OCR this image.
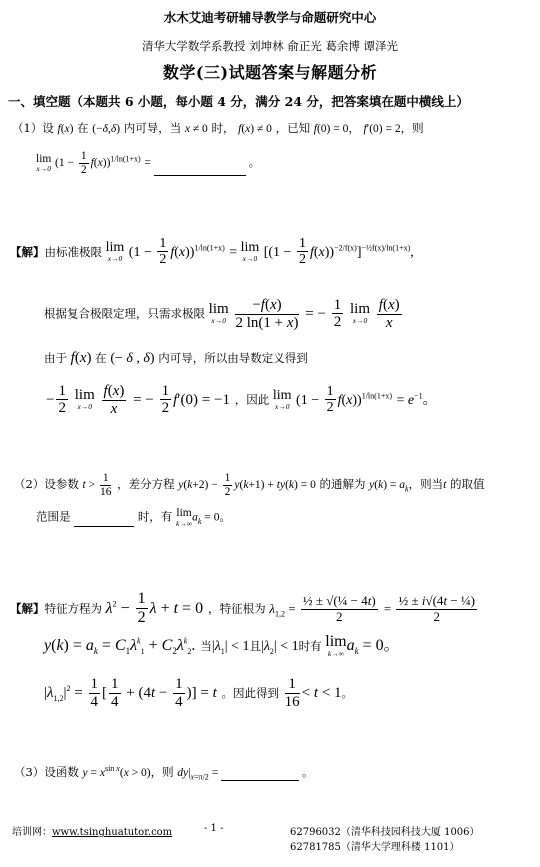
水木艾迪考研辅导教学与命题研究中心
清华大学数学系教授 刘坤林 俞正光 葛余博 谭泽光
数学(三)试题答案与解题分析
一、填空题（本题共 6 小题，每小题 4 分，满分 24 分，把答案填在题中横线上）
（1）设 f(x) 在 (−δ,δ) 内可导，当 x ≠ 0 时， f(x) ≠ 0 ，已知 f(0) = 0， f′(0) = 2，则
lim
x→0 $(1 - \frac{1}{2} f(x))^{1/ln(1+x)}$ =	。
【解】由标准极限 lim
x→0 $(1 - \frac{1}{2} f(x))^{1/ln(1+x)} = \lim$
x→0 $[(1 - \frac{1}{2} f(x))^{-2/f(x)}]^{-\frac{1}{2}f(x)/ln(1+x)}$,
根据复合极限定理，只需求极限 lim
x→0
$\frac{-f(x)}{2 \ln(1 + x)}$ = − $\frac{1}{2}$ lim
x→0
$\frac{f(x)}{x}$
由于 f(x) 在 (− δ , δ) 内可导，所以由导数定义得到
− $\frac{1}{2}$ lim
x→0
$\frac{f(x)}{x}$ = − $\frac{1}{2} f'(0) = -1$ ，因此 lim
x→0 $(1 - \frac{1}{2} f(x))^{1/ln(1+x)} = e^{-1}$。
（2）设参数 $t > \frac{1}{16}$ ，差分方程 $y(k+2) - \frac{1}{2} y(k+1) + ty(k) = 0$ 的通解为 $y(k) = a_k$，则当t 的取值
范围是	时，有 lim
k→∞ $a_k = 0$。
【解】特征方程为 $\lambda^2 - \frac{1}{2}$ λ + t = 0 ，特征根为 $\lambda_{1,2} = \frac{\text{½ ± √(¼ − 4t)}}{2} = \frac{\text{½ ± i√(4t − ¼)}}{2}$
$y(k) = a_k = C_1\lambda^k_1 + C_2\lambda^k_2$. 当$|\lambda_1| < 1$且$|\lambda_2| < 1$时有 lim
k→∞ $a_k = 0$。
$|\lambda_{1,2}|^2 = \frac{1}{4}$ [ $\frac{1}{4} + (4t - \frac{1}{4}$ )] = t 。因此得到 $\frac{1}{16} < t < 1$。
（3）设函数 $y = x^{sin x}(x > 0)$，则 $dy|_{x=\pi/2}$ =	。
培训网：www.tsinghuatutor.com	- 1 -	62796032（清华科技园科技大厦 1006）
62781785（清华大学理科楼 1101）
